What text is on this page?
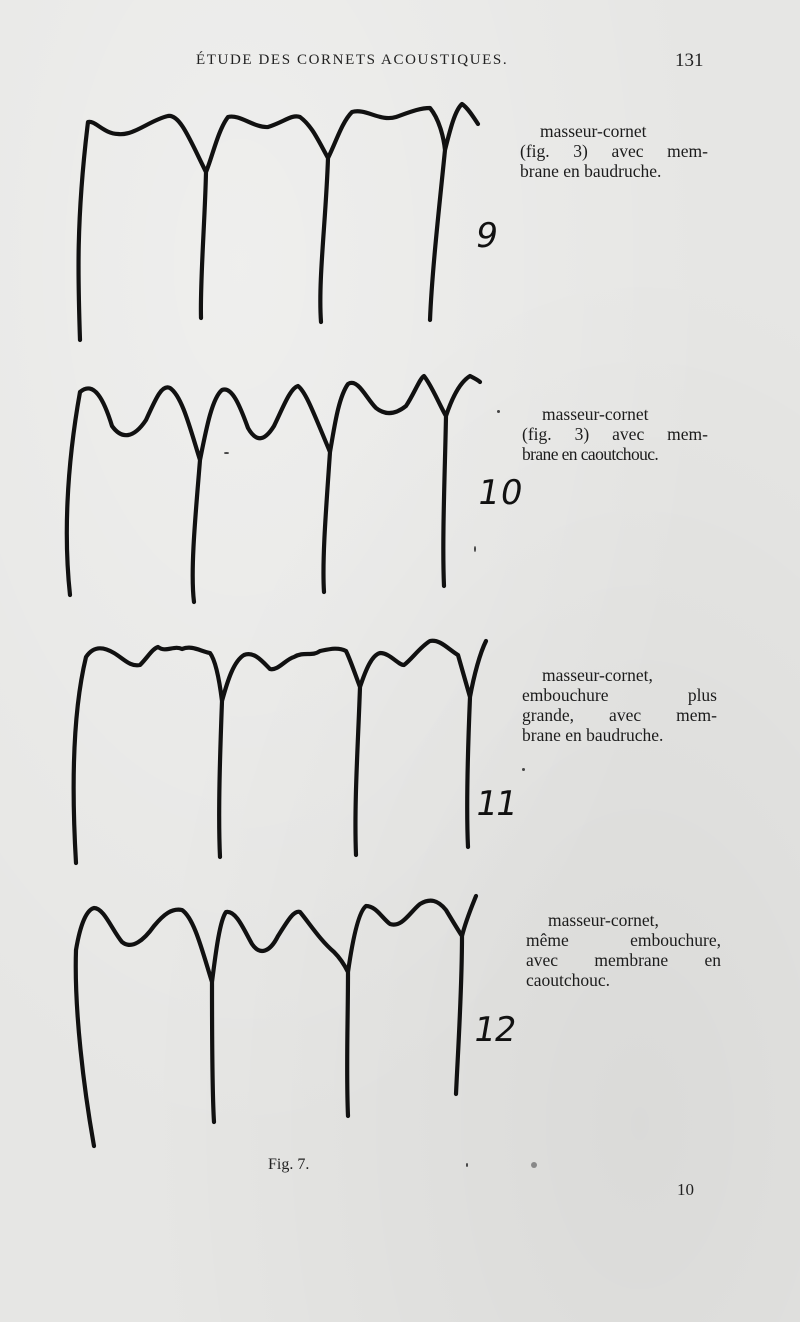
ÉTUDE DES CORNETS ACOUSTIQUES.	131
9
masseur-cornet
(fig. 3) avec mem-
brane en baudruche.
10
masseur-cornet
(fig. 3) avec mem-
brane en caoutchouc.
11
masseur-cornet,
embouchure plus
grande, avec mem-
brane en baudruche.
12
masseur-cornet,
même embouchure,
avec membrane en
caoutchouc.
Fig. 7.
10
